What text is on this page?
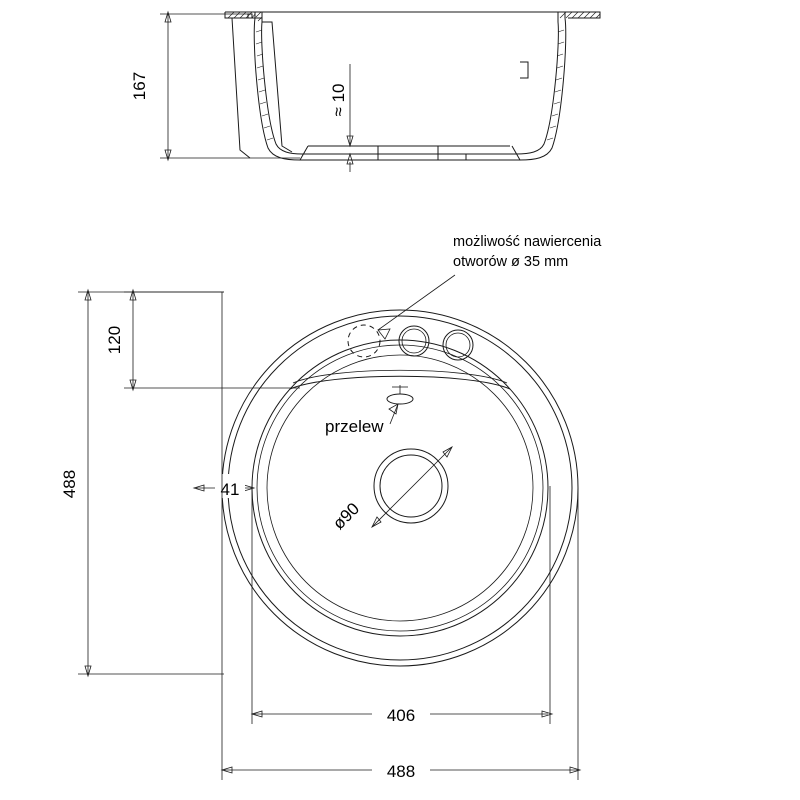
167	≈ 10
możliwość nawiercenia
otworów ø 35 mm
przelew
ø90
41
120
488
406
488
